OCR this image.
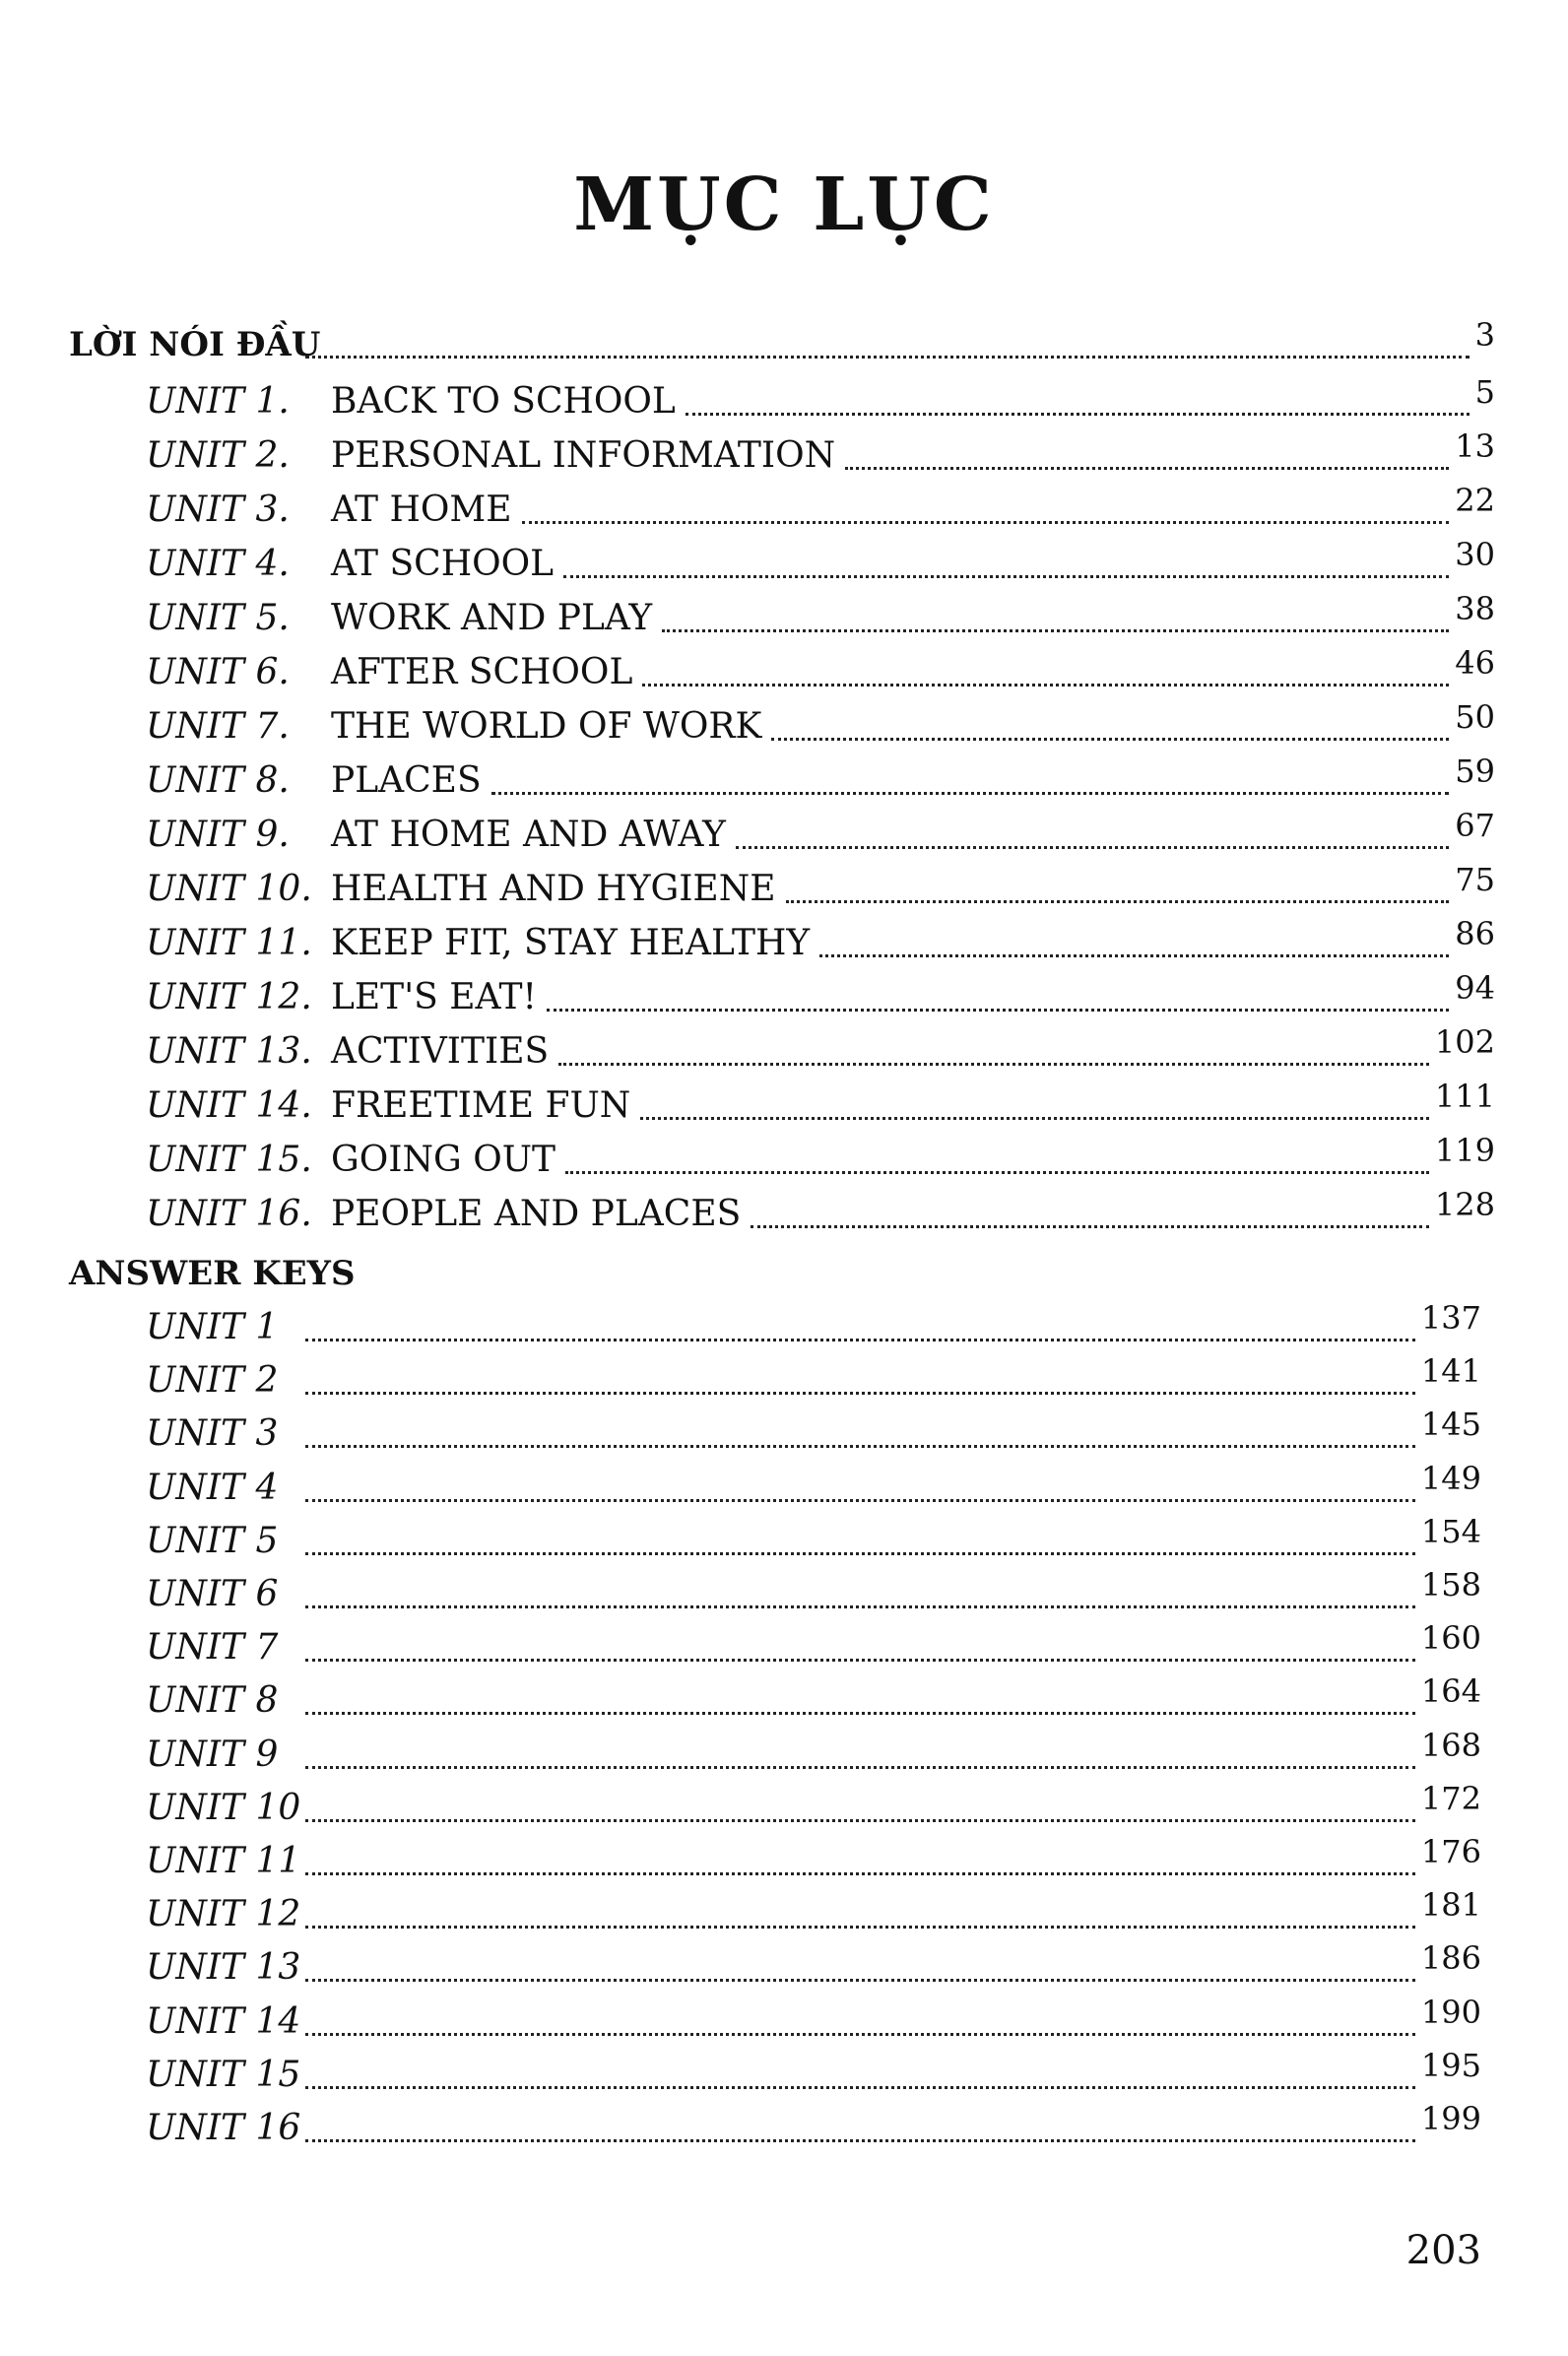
MỤC LỤC
LỜI NÓI ĐẦU	3
UNIT 1. BACK TO SCHOOL	5
UNIT 2. PERSONAL INFORMATION	13
UNIT 3. AT HOME	22
UNIT 4. AT SCHOOL	30
UNIT 5. WORK AND PLAY	38
UNIT 6. AFTER SCHOOL	46
UNIT 7. THE WORLD OF WORK	50
UNIT 8. PLACES	59
UNIT 9. AT HOME AND AWAY	67
UNIT 10. HEALTH AND HYGIENE	75
UNIT 11. KEEP FIT, STAY HEALTHY	86
UNIT 12. LET'S EAT!	94
UNIT 13. ACTIVITIES	102
UNIT 14. FREETIME FUN	111
UNIT 15. GOING OUT	119
UNIT 16. PEOPLE AND PLACES	128
ANSWER KEYS
UNIT 1	137
UNIT 2	141
UNIT 3	145
UNIT 4	149
UNIT 5	154
UNIT 6	158
UNIT 7	160
UNIT 8	164
UNIT 9	168
UNIT 10	172
UNIT 11	176
UNIT 12	181
UNIT 13	186
UNIT 14	190
UNIT 15	195
UNIT 16	199
203
